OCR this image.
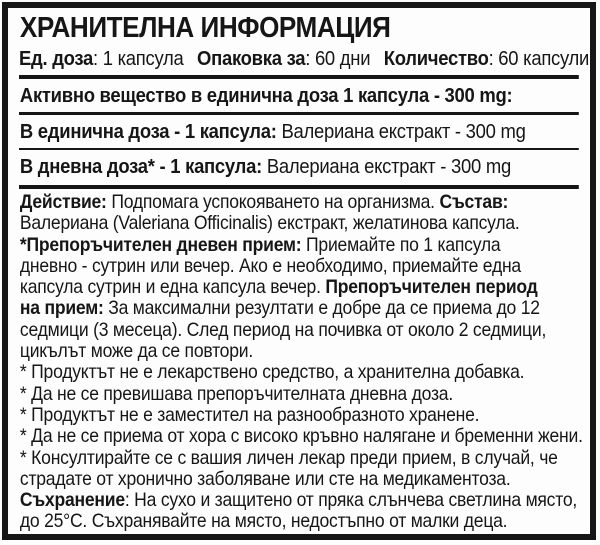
ХРАНИТЕЛНА ИНФОРМАЦИЯ
Ед. доза: 1 капсула Опаковка за: 60 дни Количество: 60 капсули
Активно вещество в единична доза 1 капсула - 300 mg:
В единична доза - 1 капсула: Валериана екстракт - 300 mg
В дневна доза* - 1 капсула: Валериана екстракт - 300 mg
Действие: Подпомага успокояването на организма. Състав:
Валериана (Valeriana Officinalis) екстракт, желатинова капсула.
*Препоръчителен дневен прием: Приемайте по 1 капсула
дневно - сутрин или вечер. Ако е необходимо, приемайте една
капсула сутрин и една капсула вечер. Препоръчителен период
на прием: За максимални резултати е добре да се приема до 12
седмици (3 месеца). След период на почивка от около 2 седмици,
цикълът може да се повтори.
* Продуктът не е лекарствено средство, а хранителна добавка.
* Да не се превишава препоръчителната дневна доза.
* Продуктът не е заместител на разнообразното хранене.
* Да не се приема от хора с високо кръвно налягане и бременни жени.
* Консултирайте се с вашия личен лекар преди прием, в случай, че
страдате от хронично заболяване или сте на медикаментоза.
Съхранение: На сухо и защитено от пряка слънчева светлина място,
до 25°C. Съхранявайте на място, недостъпно от малки деца.
